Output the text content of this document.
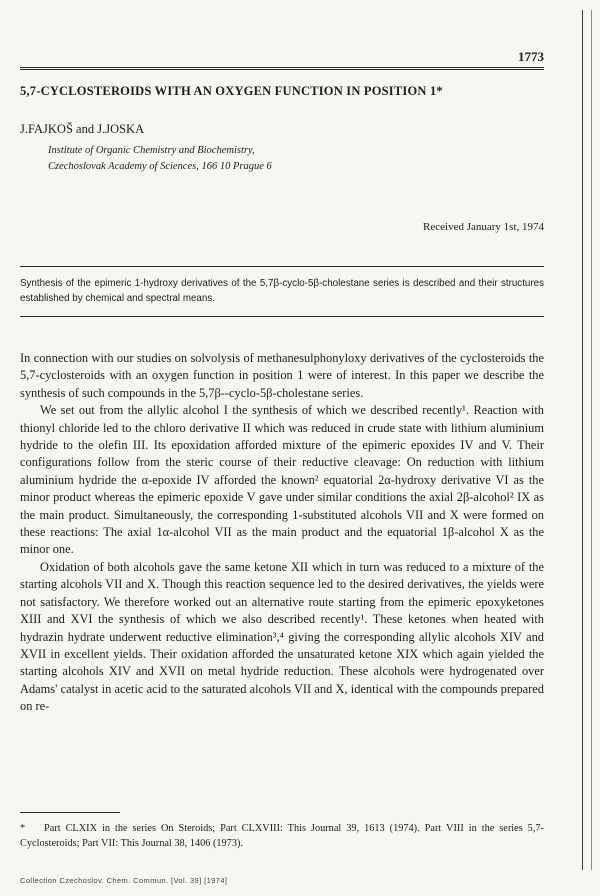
1773
5,7-CYCLOSTEROIDS WITH AN OXYGEN FUNCTION IN POSITION 1*
J.FAJKOŠ and J.JOSKA
Institute of Organic Chemistry and Biochemistry,
Czechoslovak Academy of Sciences, 166 10 Prague 6
Received January 1st, 1974
Synthesis of the epimeric 1-hydroxy derivatives of the 5,7β-cyclo-5β-cholestane series is described and their structures established by chemical and spectral means.

In connection with our studies on solvolysis of methanesulphonyloxy derivatives of the cyclosteroids the 5,7-cyclosteroids with an oxygen function in position 1 were of interest. In this paper we describe the synthesis of such compounds in the 5,7β--cyclo-5β-cholestane series.

We set out from the allylic alcohol I the synthesis of which we described recently¹. Reaction with thionyl chloride led to the chloro derivative II which was reduced in crude state with lithium aluminium hydride to the olefin III. Its epoxidation afforded mixture of the epimeric epoxides IV and V. Their configurations follow from the steric course of their reductive cleavage: On reduction with lithium aluminium hydride the α-epoxide IV afforded the known² equatorial 2α-hydroxy derivative VI as the minor product whereas the epimeric epoxide V gave under similar conditions the axial 2β-alcohol² IX as the main product. Simultaneously, the corresponding 1-substituted alcohols VII and X were formed on these reactions: The axial 1α-alcohol VII as the main product and the equatorial 1β-alcohol X as the minor one.

Oxidation of both alcohols gave the same ketone XII which in turn was reduced to a mixture of the starting alcohols VII and X. Though this reaction sequence led to the desired derivatives, the yields were not satisfactory. We therefore worked out an alternative route starting from the epimeric epoxyketones XIII and XVI the synthesis of which we also described recently¹. These ketones when heated with hydrazin hydrate underwent reductive elimination³,⁴ giving the corresponding allylic alcohols XIV and XVII in excellent yields. Their oxidation afforded the unsaturated ketone XIX which again yielded the starting alcohols XIV and XVII on metal hydride reduction. These alcohols were hydrogenated over Adams' catalyst in acetic acid to the saturated alcohols VII and X, identical with the compounds prepared on re-

* Part CLXIX in the series On Steroids; Part CLXVIII: This Journal 39, 1613 (1974). Part VIII in the series 5,7-Cyclosteroids; Part VII: This Journal 38, 1406 (1973).
Collection Czechoslov. Chem. Commun. [Vol. 39] [1974]
